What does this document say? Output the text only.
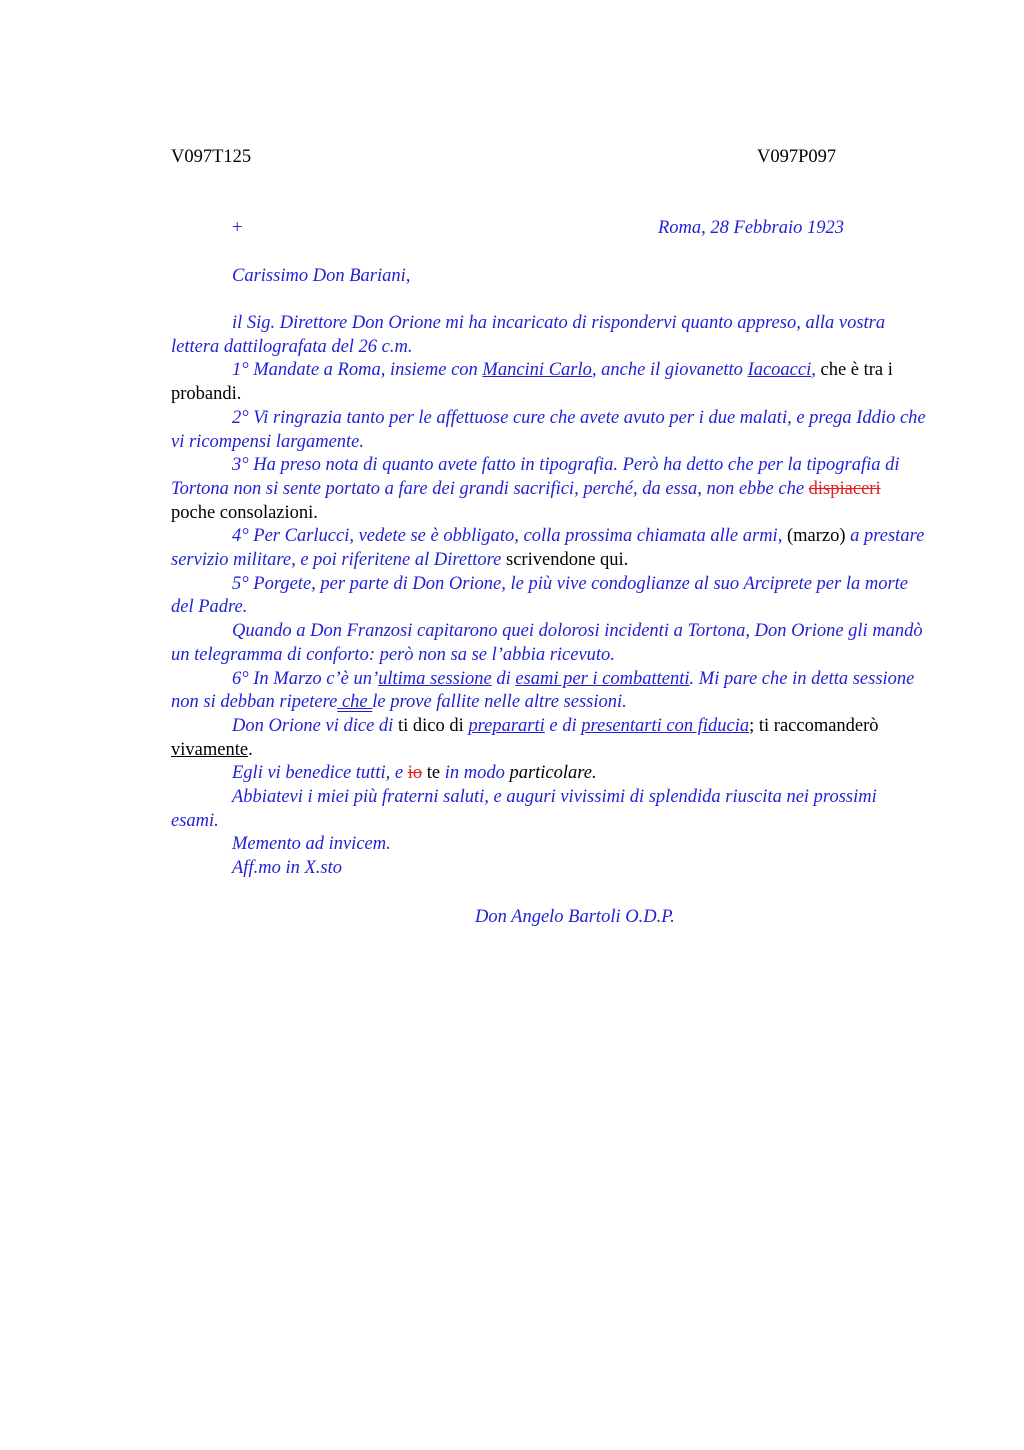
V097T125	V097P097
+	Roma, 28 Febbraio 1923
Carissimo Don Bariani,

il Sig. Direttore Don Orione mi ha incaricato di rispondervi quanto appreso, alla vostra lettera dattilografata del 26 c.m.

1° Mandate a Roma, insieme con Mancini Carlo, anche il giovanetto Iacoacci, che è tra i probandi.

2° Vi ringrazia tanto per le affettuose cure che avete avuto per i due malati, e prega Iddio che vi ricompensi largamente.

3° Ha preso nota di quanto avete fatto in tipografia. Però ha detto che per la tipografia di Tortona non si sente portato a fare dei grandi sacrifici, perché, da essa, non ebbe che dispiaceri poche consolazioni.

4° Per Carlucci, vedete se è obbligato, colla prossima chiamata alle armi, (marzo) a prestare servizio militare, e poi riferitene al Direttore scrivendone qui.

5° Porgete, per parte di Don Orione, le più vive condoglianze al suo Arciprete per la morte del Padre.

Quando a Don Franzosi capitarono quei dolorosi incidenti a Tortona, Don Orione gli mandò un telegramma di conforto: però non sa se l’abbia ricevuto.

6° In Marzo c’è un’ultima sessione di esami per i combattenti. Mi pare che in detta sessione non si debban ripetere che le prove fallite nelle altre sessioni.

Don Orione vi dice di ti dico di prepararti e di presentarti con fiducia; ti raccomanderò vivamente.

Egli vi benedice tutti, e io te in modo particolare.

Abbiatevi i miei più fraterni saluti, e auguri vivissimi di splendida riuscita nei prossimi esami.

Memento ad invicem.

Aff.mo in X.sto

Don Angelo Bartoli O.D.P.
